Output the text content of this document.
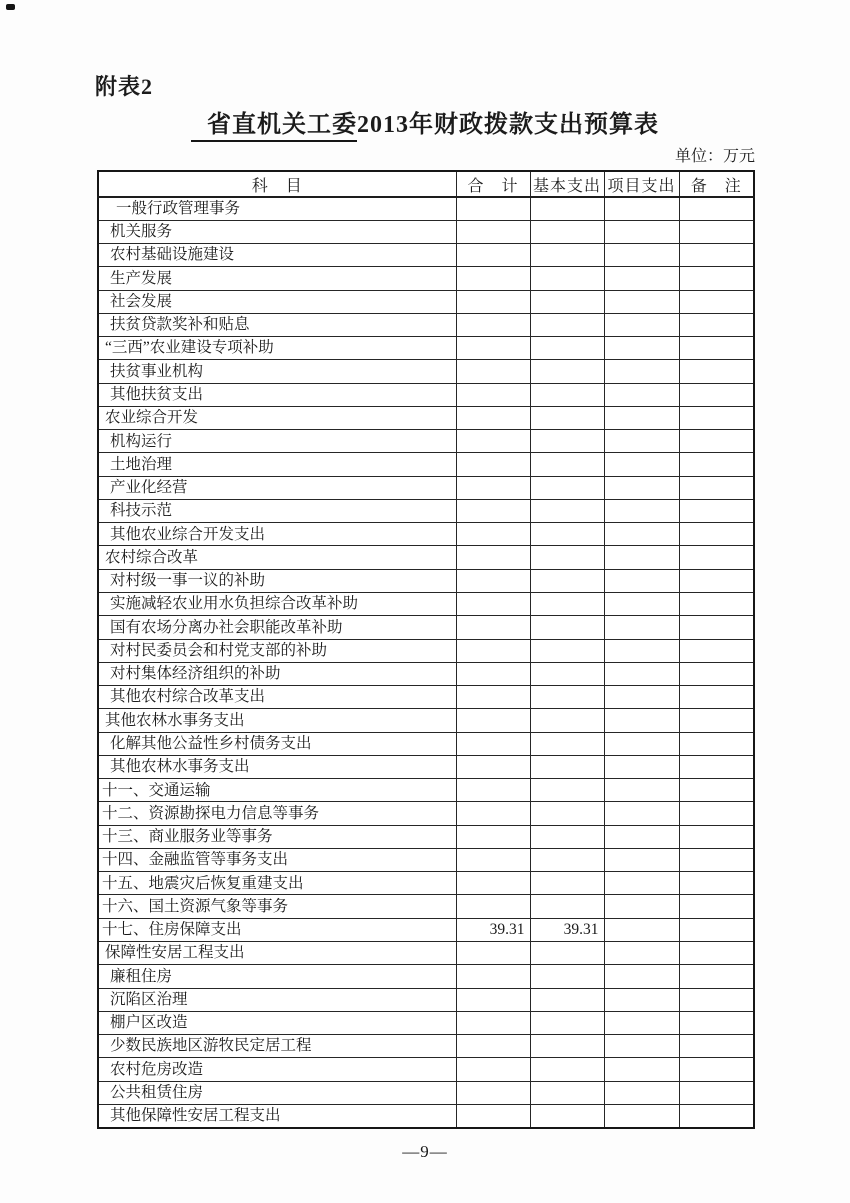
附表2
省直机关工委2013年财政拨款支出预算表
单位：万元
科　目	合　计	基本支出	项目支出	备　注
一般行政管理事务				
机关服务				
农村基础设施建设				
生产发展				
社会发展				
扶贫贷款奖补和贴息				
“三西”农业建设专项补助				
扶贫事业机构				
其他扶贫支出				
农业综合开发				
机构运行				
土地治理				
产业化经营				
科技示范				
其他农业综合开发支出				
农村综合改革				
对村级一事一议的补助				
实施减轻农业用水负担综合改革补助				
国有农场分离办社会职能改革补助				
对村民委员会和村党支部的补助				
对村集体经济组织的补助				
其他农村综合改革支出				
其他农林水事务支出				
化解其他公益性乡村债务支出				
其他农林水事务支出				
十一、交通运输				
十二、资源勘探电力信息等事务				
十三、商业服务业等事务				
十四、金融监管等事务支出				
十五、地震灾后恢复重建支出				
十六、国土资源气象等事务				
十七、住房保障支出	39.31	39.31		
保障性安居工程支出				
廉租住房				
沉陷区治理				
棚户区改造				
少数民族地区游牧民定居工程				
农村危房改造				
公共租赁住房				
其他保障性安居工程支出				
—9—
